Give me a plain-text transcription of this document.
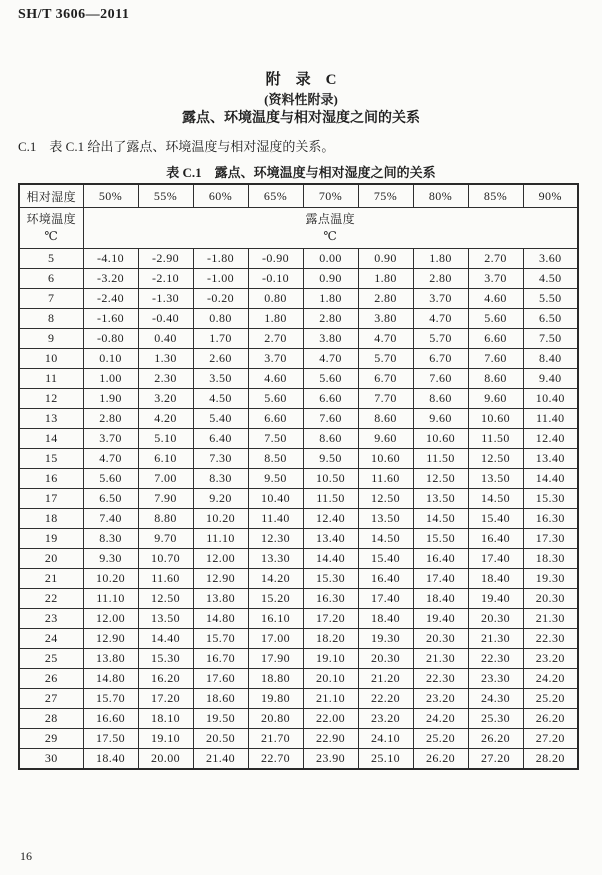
SH/T 3606—2011
附　录　C
(资料性附录)
露点、环境温度与相对湿度之间的关系
C.1　表 C.1 给出了露点、环境温度与相对湿度的关系。
表 C.1　露点、环境温度与相对湿度之间的关系
相对湿度	50%	55%	60%	65%	70%	75%	80%	85%	90%

环境温度
℃

露点温度
℃

5	-4.10	-2.90	-1.80	-0.90	0.00	0.90	1.80	2.70	3.60
6	-3.20	-2.10	-1.00	-0.10	0.90	1.80	2.80	3.70	4.50
7	-2.40	-1.30	-0.20	0.80	1.80	2.80	3.70	4.60	5.50
8	-1.60	-0.40	0.80	1.80	2.80	3.80	4.70	5.60	6.50
9	-0.80	0.40	1.70	2.70	3.80	4.70	5.70	6.60	7.50
10	0.10	1.30	2.60	3.70	4.70	5.70	6.70	7.60	8.40
11	1.00	2.30	3.50	4.60	5.60	6.70	7.60	8.60	9.40
12	1.90	3.20	4.50	5.60	6.60	7.70	8.60	9.60	10.40
13	2.80	4.20	5.40	6.60	7.60	8.60	9.60	10.60	11.40
14	3.70	5.10	6.40	7.50	8.60	9.60	10.60	11.50	12.40
15	4.70	6.10	7.30	8.50	9.50	10.60	11.50	12.50	13.40
16	5.60	7.00	8.30	9.50	10.50	11.60	12.50	13.50	14.40
17	6.50	7.90	9.20	10.40	11.50	12.50	13.50	14.50	15.30
18	7.40	8.80	10.20	11.40	12.40	13.50	14.50	15.40	16.30
19	8.30	9.70	11.10	12.30	13.40	14.50	15.50	16.40	17.30
20	9.30	10.70	12.00	13.30	14.40	15.40	16.40	17.40	18.30
21	10.20	11.60	12.90	14.20	15.30	16.40	17.40	18.40	19.30
22	11.10	12.50	13.80	15.20	16.30	17.40	18.40	19.40	20.30
23	12.00	13.50	14.80	16.10	17.20	18.40	19.40	20.30	21.30
24	12.90	14.40	15.70	17.00	18.20	19.30	20.30	21.30	22.30
25	13.80	15.30	16.70	17.90	19.10	20.30	21.30	22.30	23.20
26	14.80	16.20	17.60	18.80	20.10	21.20	22.30	23.30	24.20
27	15.70	17.20	18.60	19.80	21.10	22.20	23.20	24.30	25.20
28	16.60	18.10	19.50	20.80	22.00	23.20	24.20	25.30	26.20
29	17.50	19.10	20.50	21.70	22.90	24.10	25.20	26.20	27.20
30	18.40	20.00	21.40	22.70	23.90	25.10	26.20	27.20	28.20
16
